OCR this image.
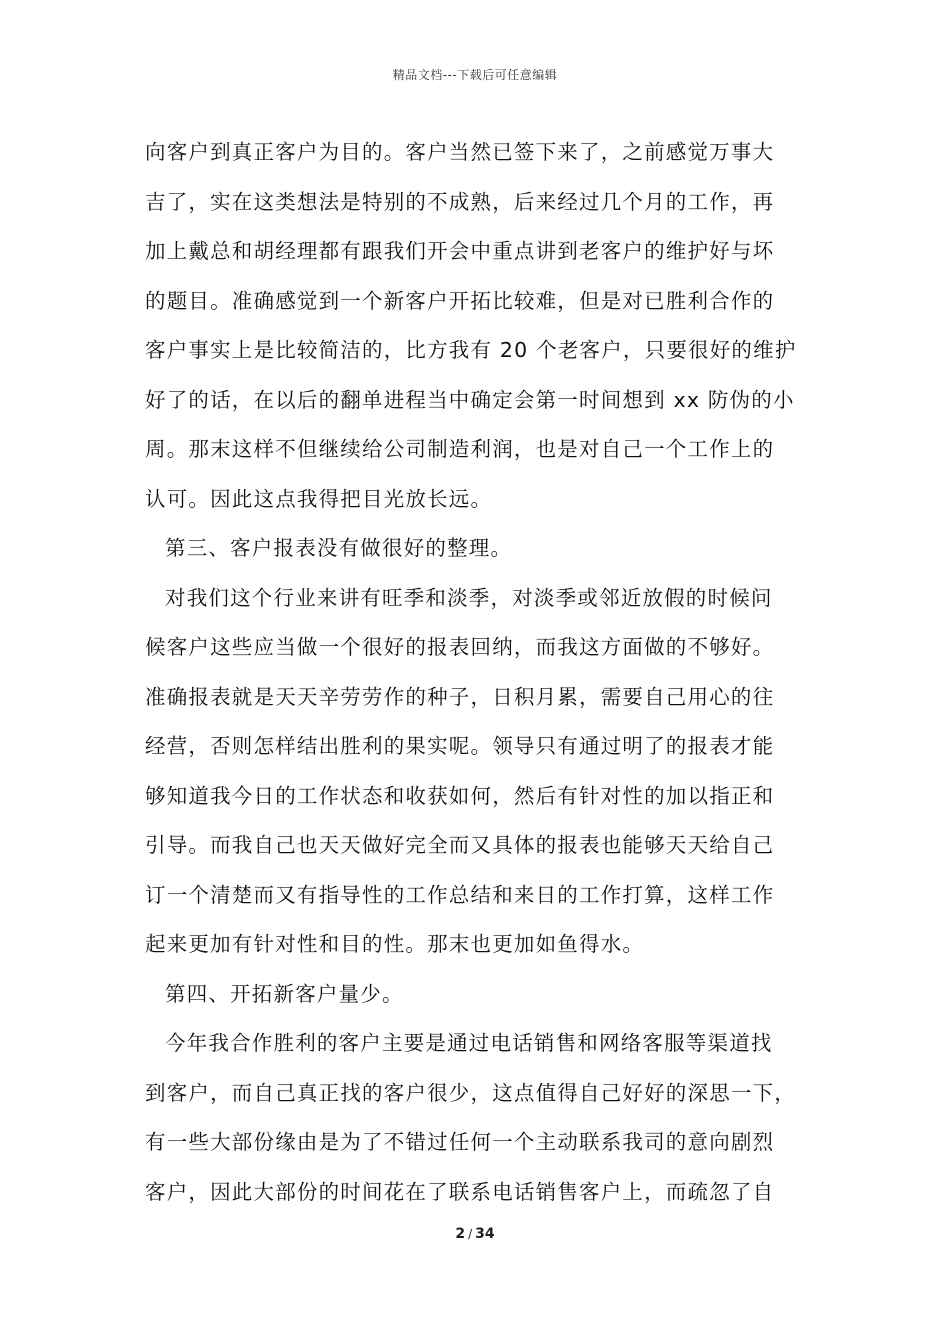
精品文档---下载后可任意编辑
向客户到真正客户为目的。客户当然已签下来了，之前感觉万事大
吉了，实在这类想法是特别的不成熟，后来经过几个月的工作，再
加上戴总和胡经理都有跟我们开会中重点讲到老客户的维护好与坏
的题目。准确感觉到一个新客户开拓比较难，但是对已胜利合作的
客户事实上是比较简洁的，比方我有 20 个老客户，只要很好的维护
好了的话，在以后的翻单进程当中确定会第一时间想到 xx 防伪的小
周。那末这样不但继续给公司制造利润，也是对自己一个工作上的
认可。因此这点我得把目光放长远。
第三、客户报表没有做很好的整理。
对我们这个行业来讲有旺季和淡季，对淡季或邻近放假的时候问
候客户这些应当做一个很好的报表回纳，而我这方面做的不够好。
准确报表就是天天辛劳劳作的种子，日积月累，需要自己用心的往
经营，否则怎样结出胜利的果实呢。领导只有通过明了的报表才能
够知道我今日的工作状态和收获如何，然后有针对性的加以指正和
引导。而我自己也天天做好完全而又具体的报表也能够天天给自己
订一个清楚而又有指导性的工作总结和来日的工作打算，这样工作
起来更加有针对性和目的性。那末也更加如鱼得水。
第四、开拓新客户量少。
今年我合作胜利的客户主要是通过电话销售和网络客服等渠道找
到客户，而自己真正找的客户很少，这点值得自己好好的深思一下，
有一些大部份缘由是为了不错过任何一个主动联系我司的意向剧烈
客户，因此大部份的时间花在了联系电话销售客户上，而疏忽了自
2 / 34
